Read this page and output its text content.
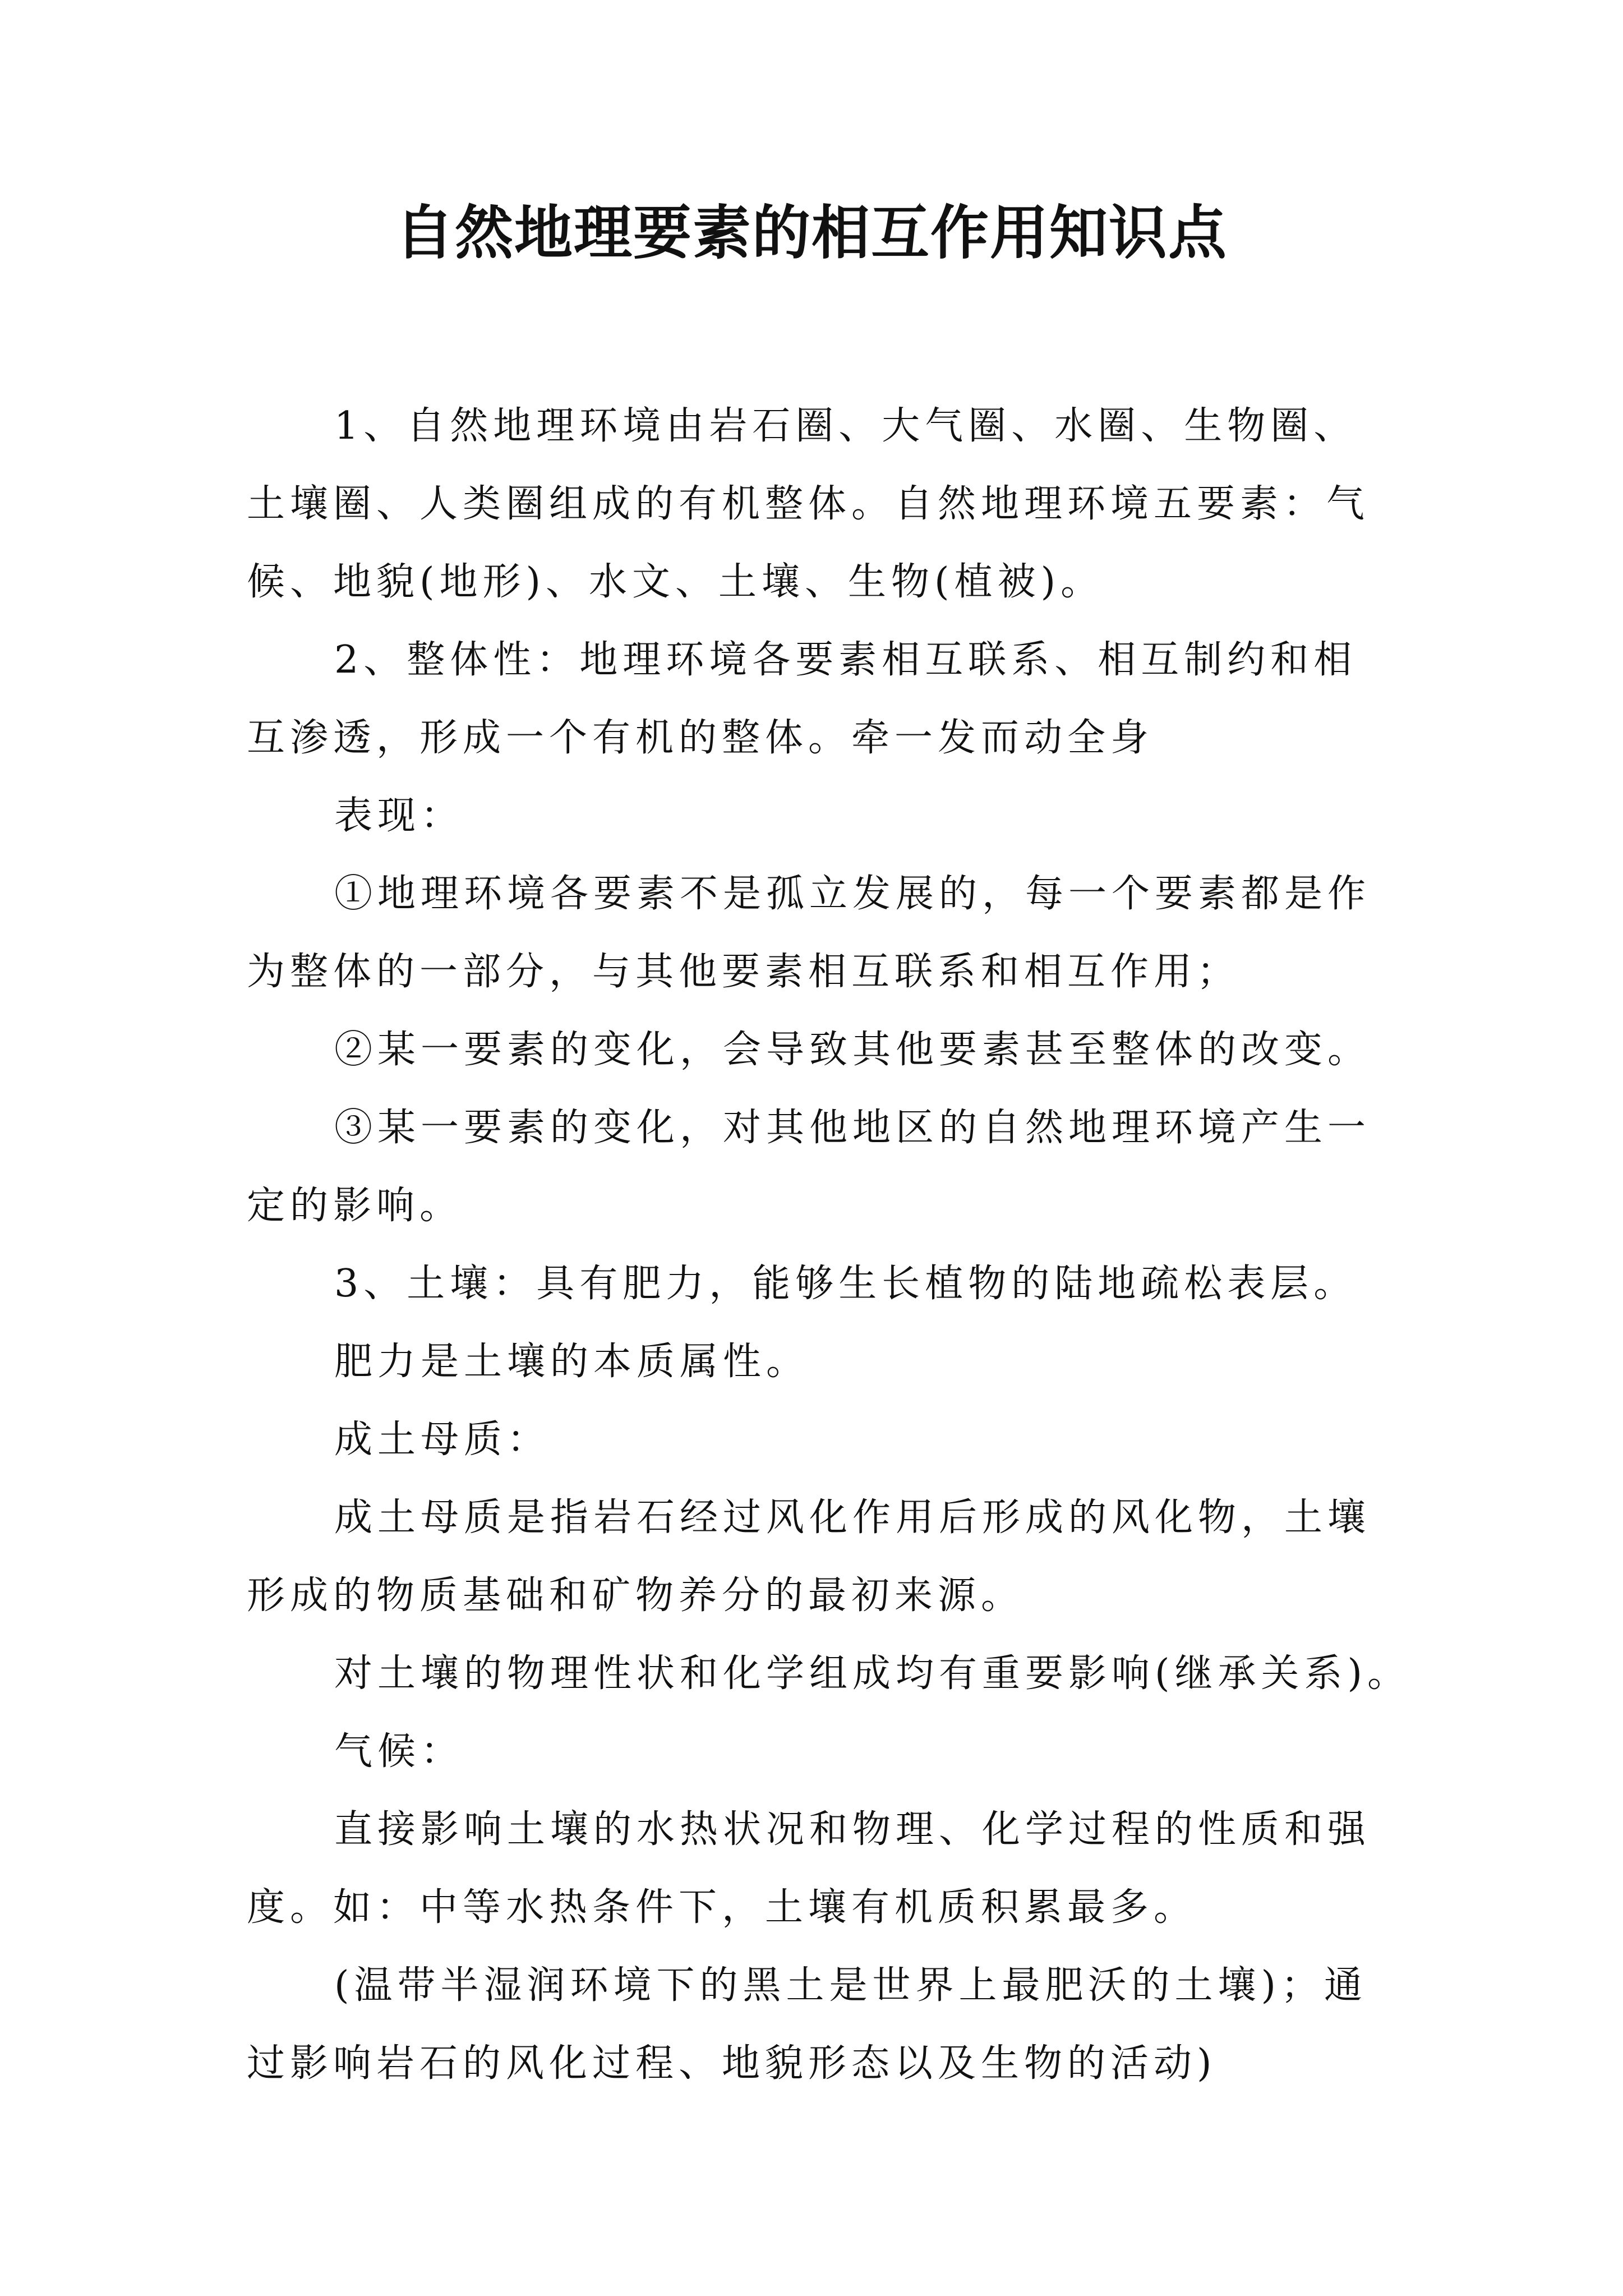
自然地理要素的相互作用知识点
1、自然地理环境由岩石圈、大气圈、水圈、生物圈、
土壤圈、人类圈组成的有机整体。自然地理环境五要素：气
候、地貌(地形)、水文、土壤、生物(植被)。
2、整体性：地理环境各要素相互联系、相互制约和相
互渗透，形成一个有机的整体。牵一发而动全身
表现：
①地理环境各要素不是孤立发展的，每一个要素都是作
为整体的一部分，与其他要素相互联系和相互作用；
②某一要素的变化，会导致其他要素甚至整体的改变。
③某一要素的变化，对其他地区的自然地理环境产生一
定的影响。
3、土壤：具有肥力，能够生长植物的陆地疏松表层。
肥力是土壤的本质属性。
成土母质：
成土母质是指岩石经过风化作用后形成的风化物，土壤
形成的物质基础和矿物养分的最初来源。
对土壤的物理性状和化学组成均有重要影响(继承关系)。
气候：
直接影响土壤的水热状况和物理、化学过程的性质和强
度。如：中等水热条件下，土壤有机质积累最多。
(温带半湿润环境下的黑土是世界上最肥沃的土壤)；通
过影响岩石的风化过程、地貌形态以及生物的活动)
